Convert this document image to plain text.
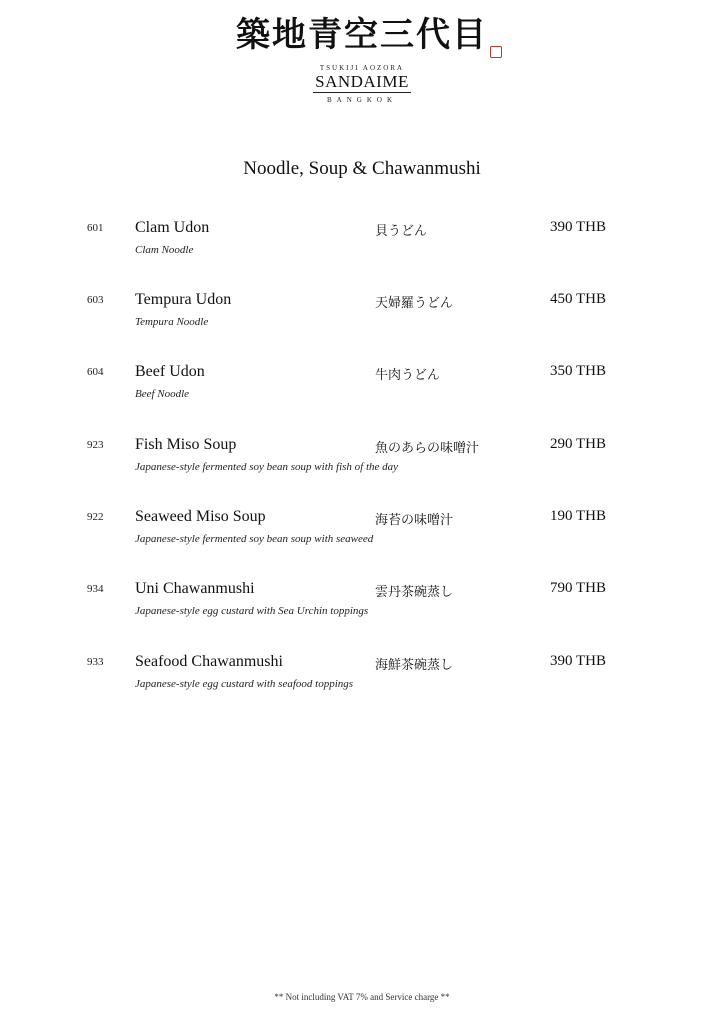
築地青空三代目
TSUKIJI AOZORA
SANDAIME
BANGKOK
Noodle, Soup & Chawanmushi
601 Clam Udon	貝うどん	390 THB
Clam Noodle
603 Tempura Udon	天婦羅うどん	450 THB
Tempura Noodle
604 Beef Udon	牛肉うどん	350 THB
Beef Noodle
923 Fish Miso Soup	魚のあらの味噌汁	290 THB
Japanese-style fermented soy bean soup with fish of the day
922 Seaweed Miso Soup	海苔の味噌汁	190 THB
Japanese-style fermented soy bean soup with seaweed
934 Uni Chawanmushi	雲丹茶碗蒸し	790 THB
Japanese-style egg custard with Sea Urchin toppings
933 Seafood Chawanmushi	海鮮茶碗蒸し	390 THB
Japanese-style egg custard with seafood toppings
** Not including VAT 7% and Service charge **
